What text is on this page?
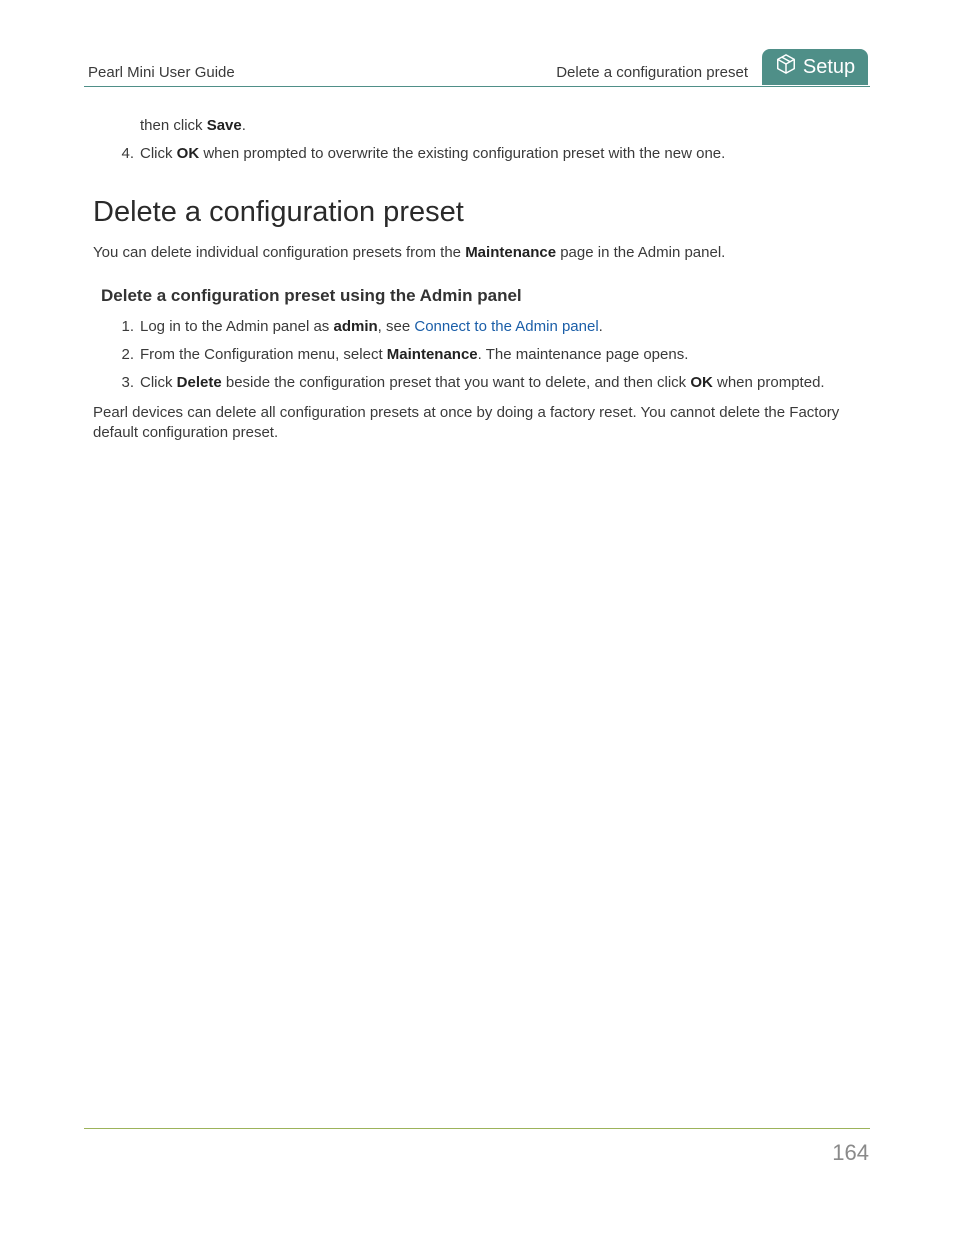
Pearl Mini User Guide	Delete a configuration preset	Setup
then click Save.
4. Click OK when prompted to overwrite the existing configuration preset with the new one.
Delete a configuration preset
You can delete individual configuration presets from the Maintenance page in the Admin panel.
Delete a configuration preset using the Admin panel
1. Log in to the Admin panel as admin, see Connect to the Admin panel.
2. From the Configuration menu, select Maintenance. The maintenance page opens.
3. Click Delete beside the configuration preset that you want to delete, and then click OK when prompted.

Pearl devices can delete all configuration presets at once by doing a factory reset. You cannot delete the Factory default configuration preset.

164
